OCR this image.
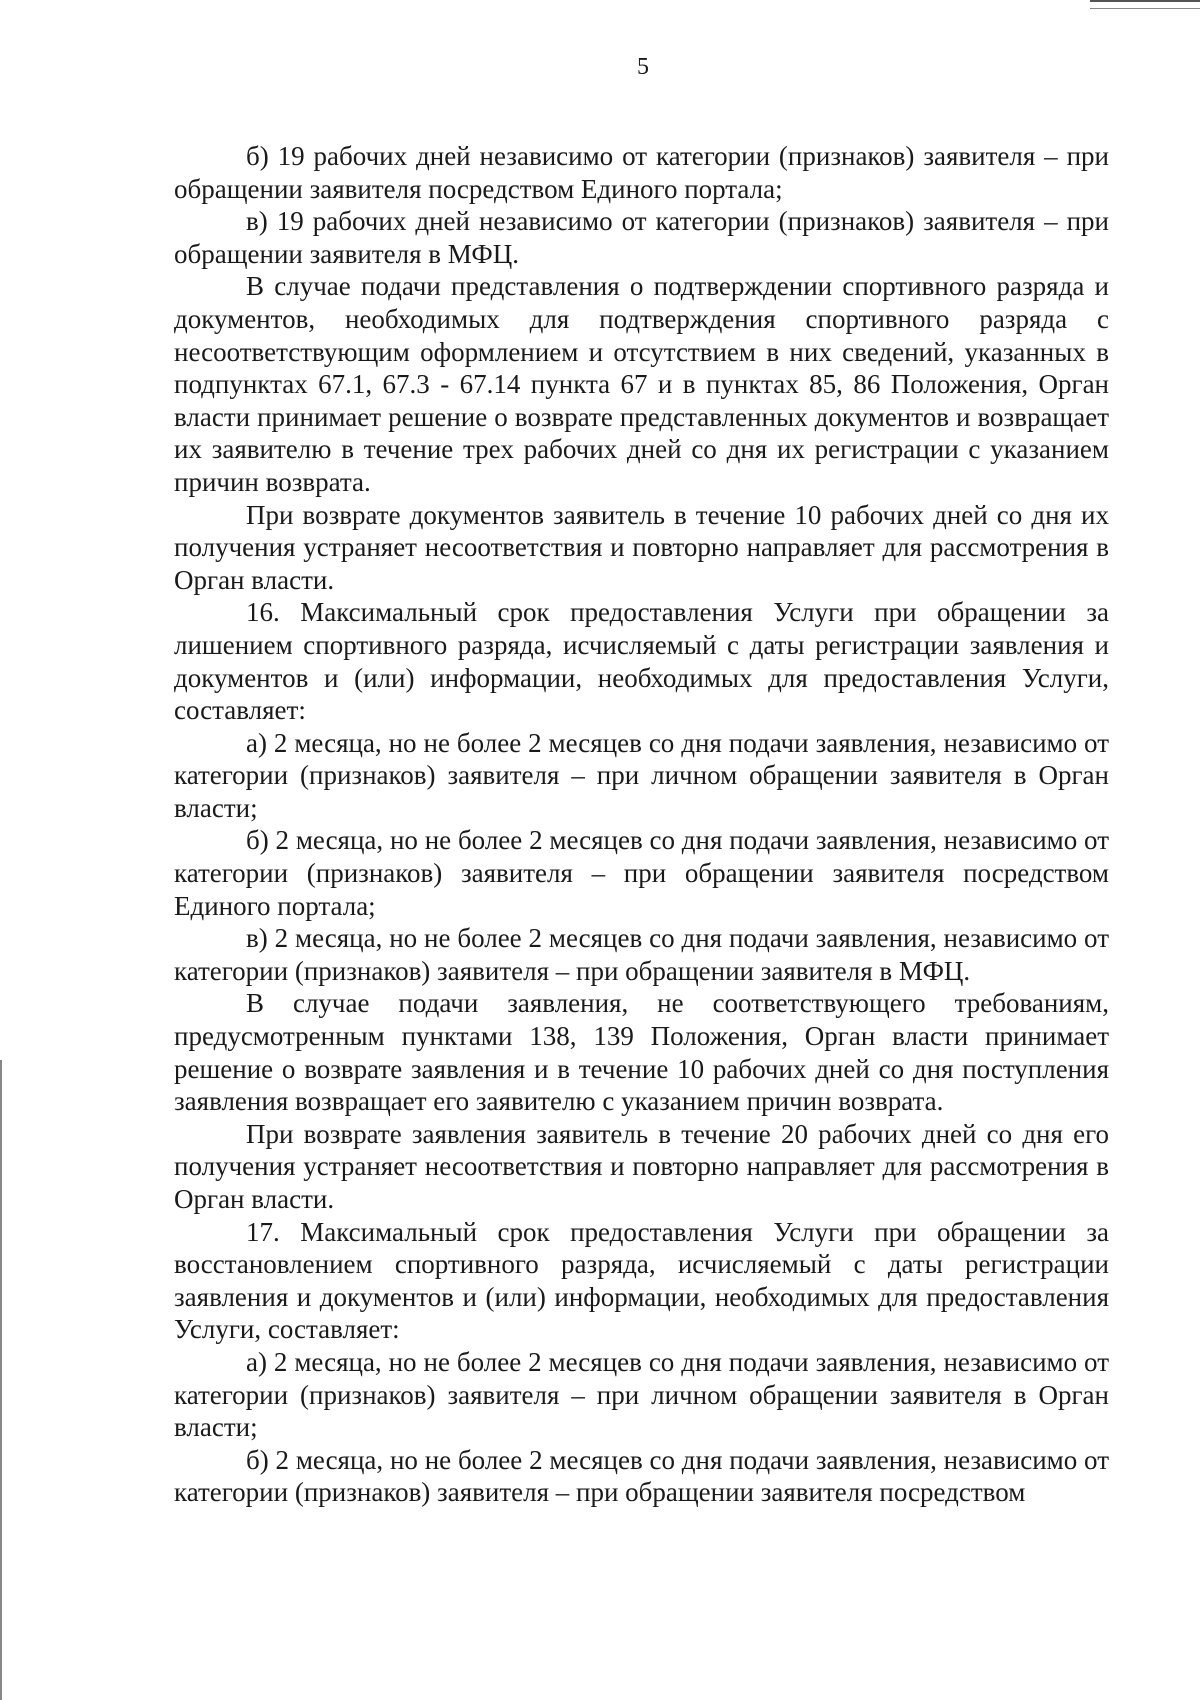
5

б) 19 рабочих дней независимо от категории (признаков) заявителя – при обращении заявителя посредством Единого портала;

в) 19 рабочих дней независимо от категории (признаков) заявителя – при обращении заявителя в МФЦ.

В случае подачи представления о подтверждении спортивного разряда и документов, необходимых для подтверждения спортивного разряда с несоответствующим оформлением и отсутствием в них сведений, указанных в подпунктах 67.1, 67.3 - 67.14 пункта 67 и в пунктах 85, 86 Положения, Орган власти принимает решение о возврате представленных документов и возвращает их заявителю в течение трех рабочих дней со дня их регистрации с указанием причин возврата.

При возврате документов заявитель в течение 10 рабочих дней со дня их получения устраняет несоответствия и повторно направляет для рассмотрения в Орган власти.

16. Максимальный срок предоставления Услуги при обращении за лишением спортивного разряда, исчисляемый с даты регистрации заявления и документов и (или) информации, необходимых для предоставления Услуги, составляет:

а) 2 месяца, но не более 2 месяцев со дня подачи заявления, независимо от категории (признаков) заявителя – при личном обращении заявителя в Орган власти;

б) 2 месяца, но не более 2 месяцев со дня подачи заявления, независимо от категории (признаков) заявителя – при обращении заявителя посредством Единого портала;

в) 2 месяца, но не более 2 месяцев со дня подачи заявления, независимо от категории (признаков) заявителя – при обращении заявителя в МФЦ.

В случае подачи заявления, не соответствующего требованиям, предусмотренным пунктами 138, 139 Положения, Орган власти принимает решение о возврате заявления и в течение 10 рабочих дней со дня поступления заявления возвращает его заявителю с указанием причин возврата.

При возврате заявления заявитель в течение 20 рабочих дней со дня его получения устраняет несоответствия и повторно направляет для рассмотрения в Орган власти.

17. Максимальный срок предоставления Услуги при обращении за восстановлением спортивного разряда, исчисляемый с даты регистрации заявления и документов и (или) информации, необходимых для предоставления Услуги, составляет:

а) 2 месяца, но не более 2 месяцев со дня подачи заявления, независимо от категории (признаков) заявителя – при личном обращении заявителя в Орган власти;

б) 2 месяца, но не более 2 месяцев со дня подачи заявления, независимо от категории (признаков) заявителя – при обращении заявителя посредством
